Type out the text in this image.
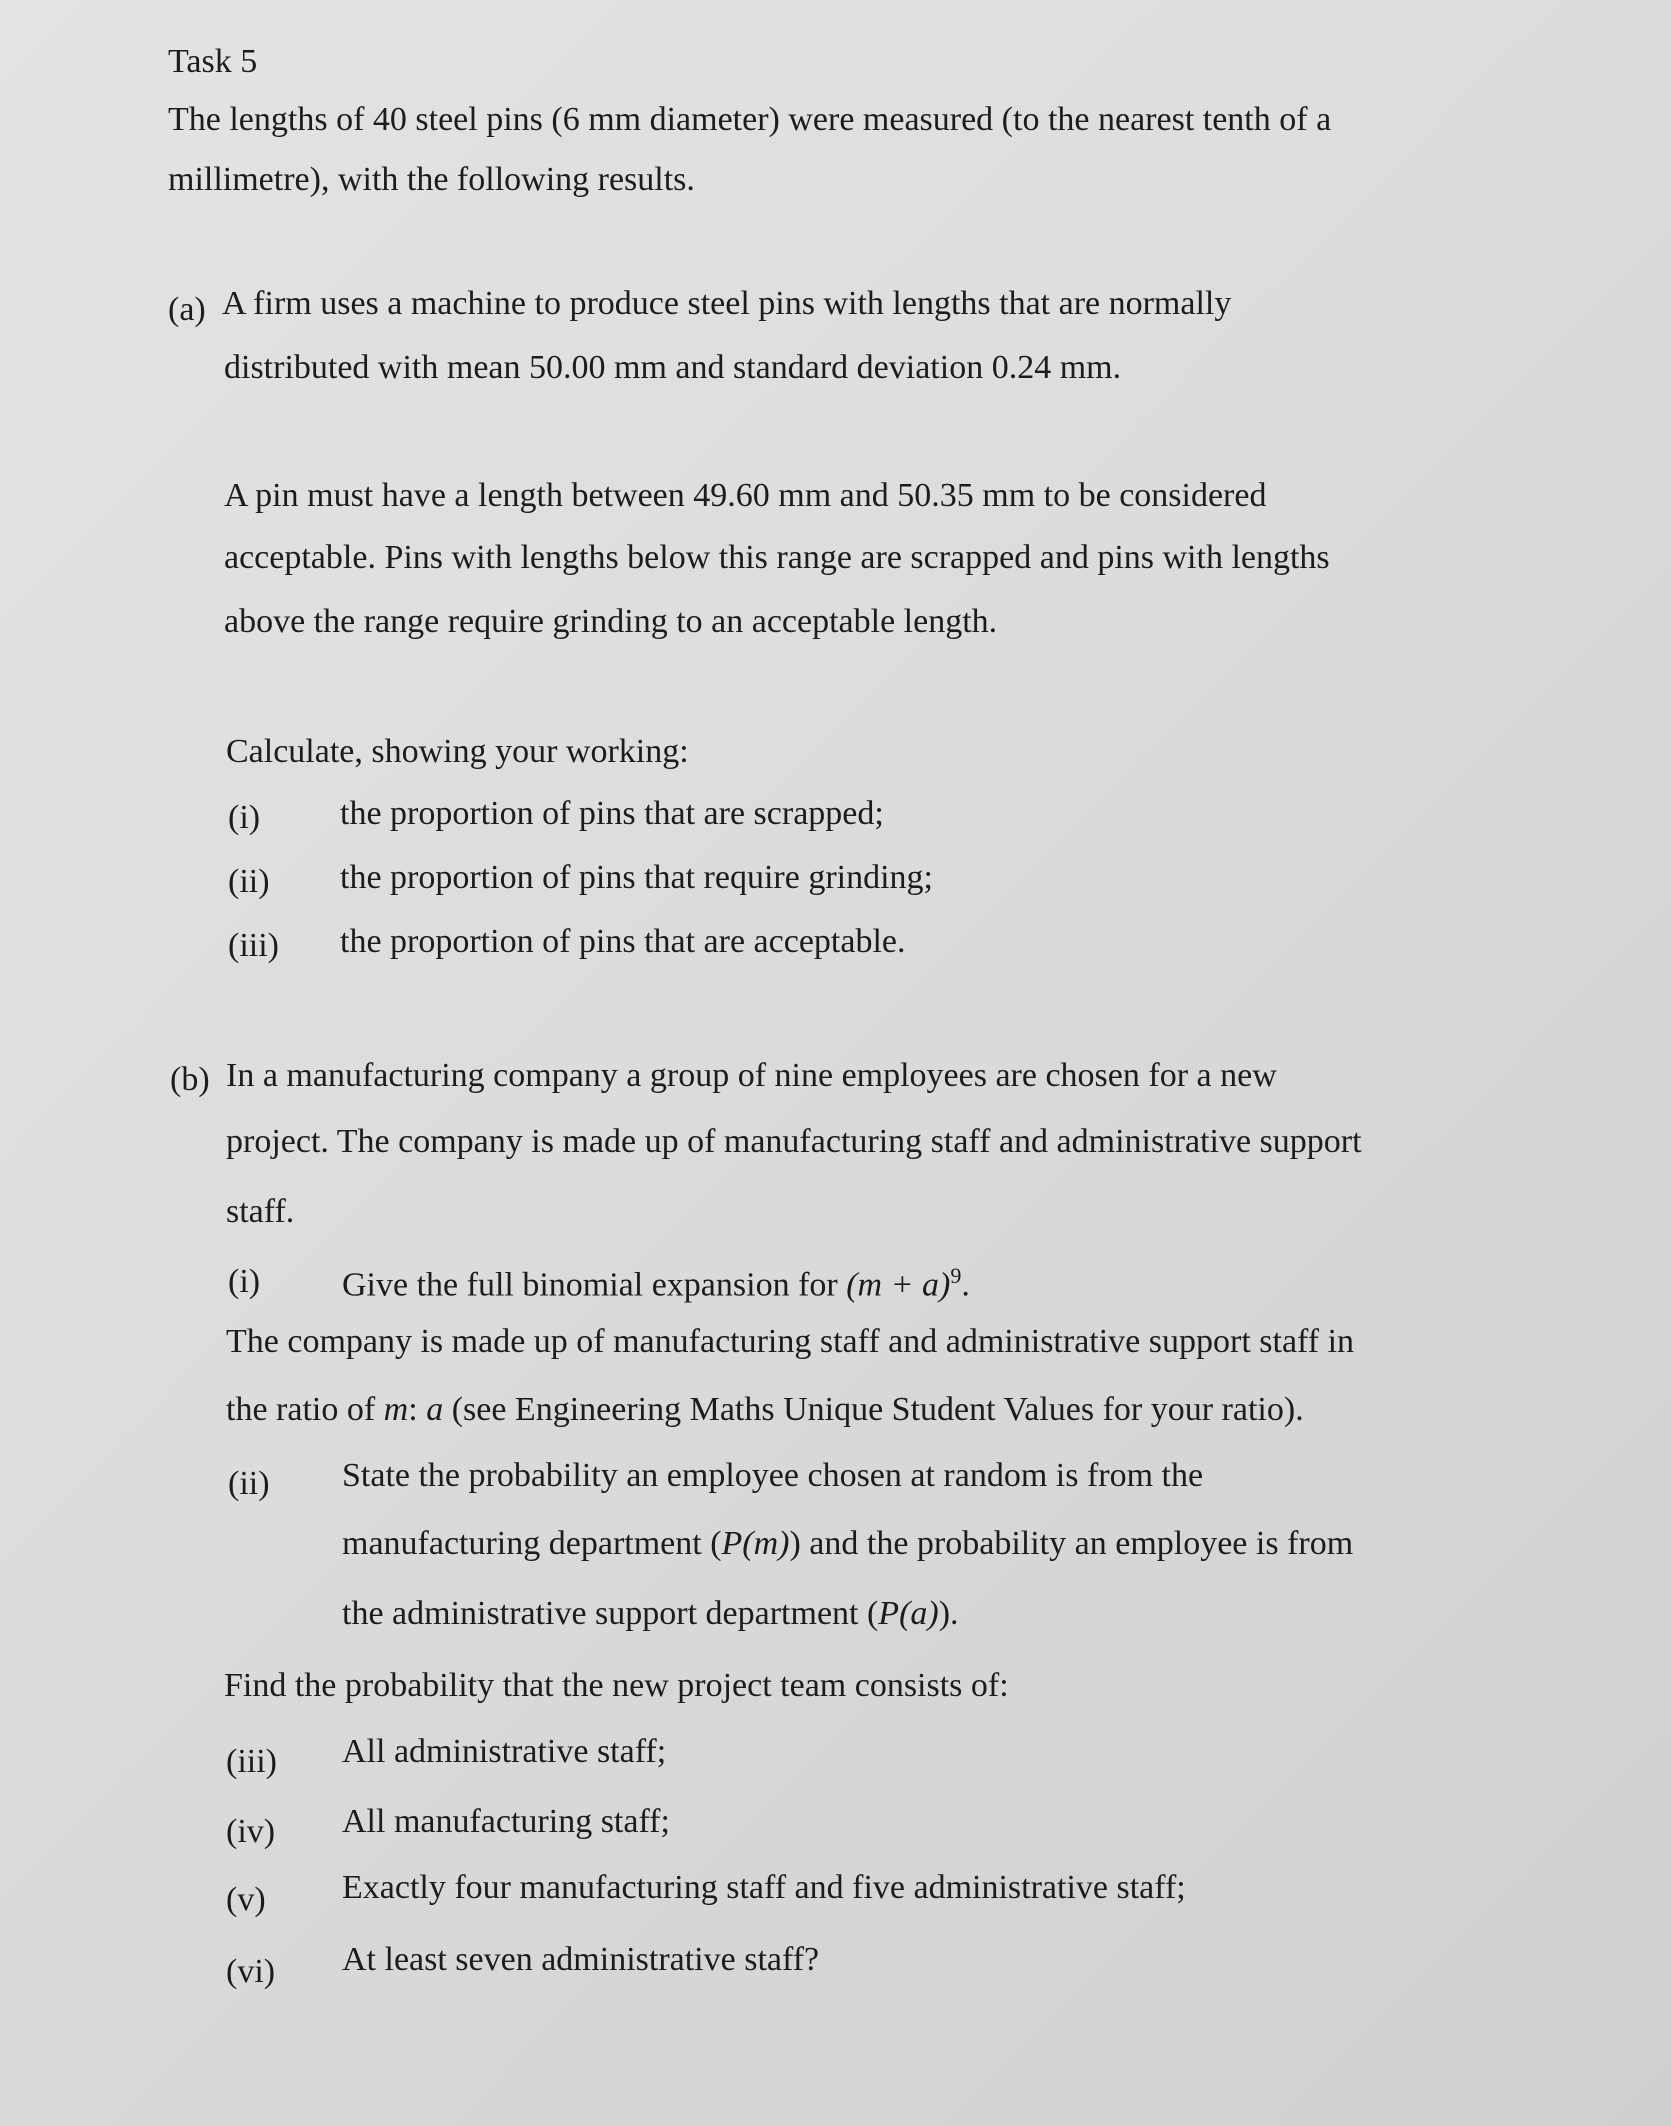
Task 5
The lengths of 40 steel pins (6 mm diameter) were measured (to the nearest tenth of a
millimetre), with the following results.
(a) A firm uses a machine to produce steel pins with lengths that are normally
distributed with mean 50.00 mm and standard deviation 0.24 mm.
A pin must have a length between 49.60 mm and 50.35 mm to be considered
acceptable. Pins with lengths below this range are scrapped and pins with lengths
above the range require grinding to an acceptable length.
Calculate, showing your working:
(i) the proportion of pins that are scrapped;
(ii) the proportion of pins that require grinding;
(iii) the proportion of pins that are acceptable.
(b) In a manufacturing company a group of nine employees are chosen for a new
project. The company is made up of manufacturing staff and administrative support
staff.
(i) Give the full binomial expansion for $(m + a)^9$.
The company is made up of manufacturing staff and administrative support staff in
the ratio of m: a (see Engineering Maths Unique Student Values for your ratio).
(ii) State the probability an employee chosen at random is from the
manufacturing department (P(m)) and the probability an employee is from
the administrative support department (P(a)).
Find the probability that the new project team consists of:
(iii) All administrative staff;
(iv) All manufacturing staff;
(v) Exactly four manufacturing staff and five administrative staff;
(vi) At least seven administrative staff?
